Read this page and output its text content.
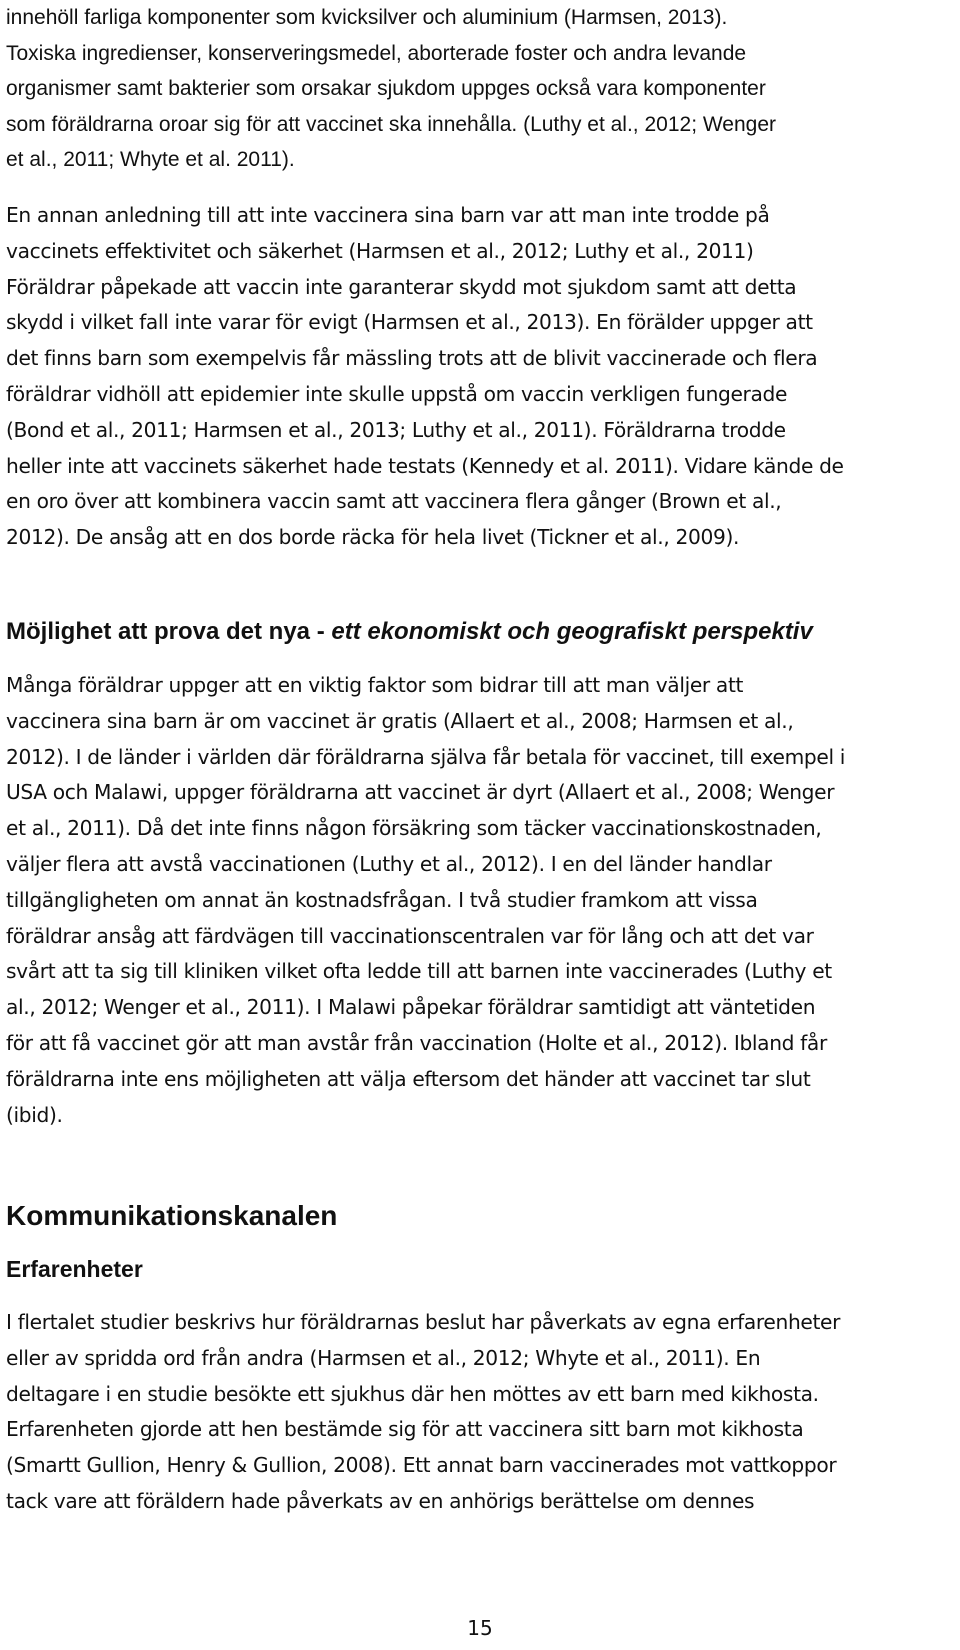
innehöll farliga komponenter som kvicksilver och aluminium (Harmsen, 2013).
Toxiska ingredienser, konserveringsmedel, aborterade foster och andra levande
organismer samt bakterier som orsakar sjukdom uppges också vara komponenter
som föräldrarna oroar sig för att vaccinet ska innehålla. (Luthy et al., 2012; Wenger
et al., 2011; Whyte et al. 2011).

En annan anledning till att inte vaccinera sina barn var att man inte trodde på
vaccinets effektivitet och säkerhet (Harmsen et al., 2012; Luthy et al., 2011)
Föräldrar påpekade att vaccin inte garanterar skydd mot sjukdom samt att detta
skydd i vilket fall inte varar för evigt (Harmsen et al., 2013). En förälder uppger att
det finns barn som exempelvis får mässling trots att de blivit vaccinerade och flera
föräldrar vidhöll att epidemier inte skulle uppstå om vaccin verkligen fungerade
(Bond et al., 2011; Harmsen et al., 2013; Luthy et al., 2011). Föräldrarna trodde
heller inte att vaccinets säkerhet hade testats (Kennedy et al. 2011). Vidare kände de
en oro över att kombinera vaccin samt att vaccinera flera gånger (Brown et al.,
2012). De ansåg att en dos borde räcka för hela livet (Tickner et al., 2009).

Möjlighet att prova det nya - ett ekonomiskt och geografiskt perspektiv

Många föräldrar uppger att en viktig faktor som bidrar till att man väljer att
vaccinera sina barn är om vaccinet är gratis (Allaert et al., 2008; Harmsen et al.,
2012). I de länder i världen där föräldrarna själva får betala för vaccinet, till exempel i
USA och Malawi, uppger föräldrarna att vaccinet är dyrt (Allaert et al., 2008; Wenger
et al., 2011). Då det inte finns någon försäkring som täcker vaccinationskostnaden,
väljer flera att avstå vaccinationen (Luthy et al., 2012). I en del länder handlar
tillgängligheten om annat än kostnadsfrågan. I två studier framkom att vissa
föräldrar ansåg att färdvägen till vaccinationscentralen var för lång och att det var
svårt att ta sig till kliniken vilket ofta ledde till att barnen inte vaccinerades (Luthy et
al., 2012; Wenger et al., 2011). I Malawi påpekar föräldrar samtidigt att väntetiden
för att få vaccinet gör att man avstår från vaccination (Holte et al., 2012). Ibland får
föräldrarna inte ens möjligheten att välja eftersom det händer att vaccinet tar slut
(ibid).

Kommunikationskanalen
Erfarenheter

I flertalet studier beskrivs hur föräldrarnas beslut har påverkats av egna erfarenheter
eller av spridda ord från andra (Harmsen et al., 2012; Whyte et al., 2011). En
deltagare i en studie besökte ett sjukhus där hen möttes av ett barn med kikhosta.
Erfarenheten gjorde att hen bestämde sig för att vaccinera sitt barn mot kikhosta
(Smartt Gullion, Henry & Gullion, 2008). Ett annat barn vaccinerades mot vattkoppor
tack vare att föräldern hade påverkats av en anhörigs berättelse om dennes

15
